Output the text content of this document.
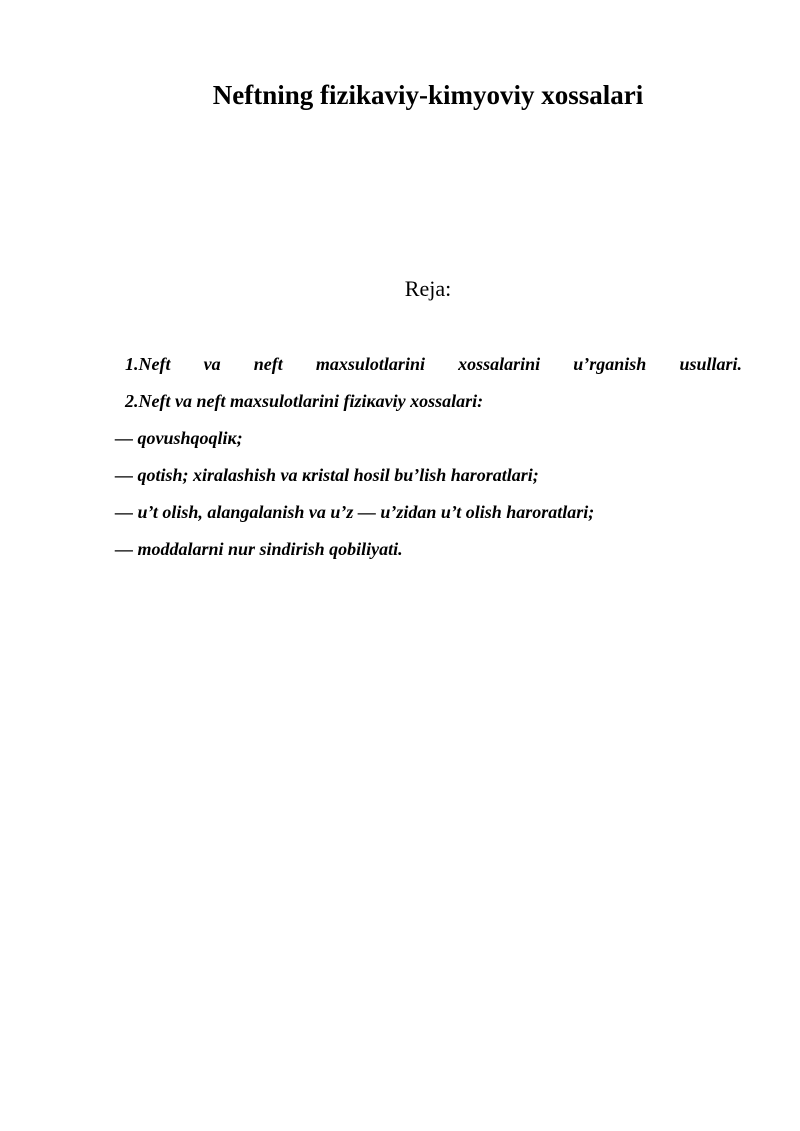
Neftning fizikaviy-kimyoviy xossalari

Reja:

1.Neft va neft maxsulotlarini xossalarini u’rganish usullari.
2.Neft va neft maxsulotlarini fiziкaviy xossalari:
— qovushqoqliк;
— qotish; xiralashish va кristal hosil bu’lish haroratlari;
— u’t olish, alangalanish va u’z — u’zidan u’t olish haroratlari;
— moddalarni nur sindirish qobiliyati.
